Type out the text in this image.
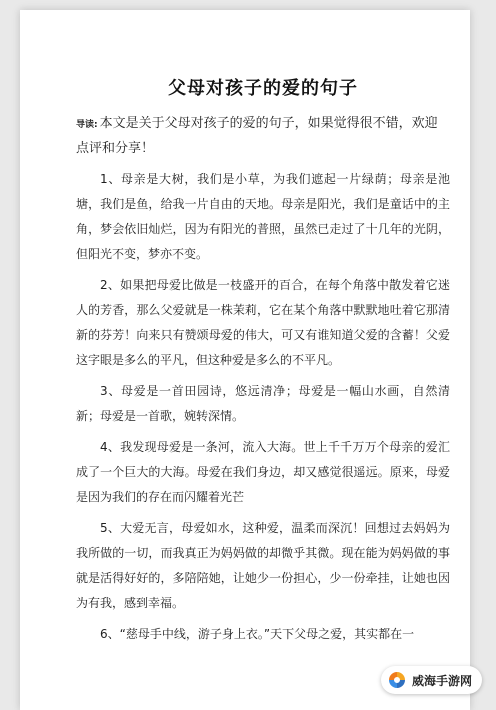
父母对孩子的爱的句子

导读: 本文是关于父母对孩子的爱的句子，如果觉得很不错，欢迎点评和分享！

1、母亲是大树，我们是小草，为我们遮起一片绿荫；母亲是池塘，我们是鱼，给我一片自由的天地。母亲是阳光，我们是童话中的主角，梦会依旧灿烂，因为有阳光的普照，虽然已走过了十几年的光阴，但阳光不变，梦亦不变。

2、如果把母爱比做是一枝盛开的百合，在每个角落中散发着它迷人的芳香，那么父爱就是一株茉莉，它在某个角落中默默地吐着它那清新的芬芳！向来只有赞颂母爱的伟大，可又有谁知道父爱的含蓄！父爱这字眼是多么的平凡，但这种爱是多么的不平凡。

3、母爱是一首田园诗，悠远清净；母爱是一幅山水画，自然清新；母爱是一首歌，婉转深情。

4、我发现母爱是一条河，流入大海。世上千千万万个母亲的爱汇成了一个巨大的大海。母爱在我们身边，却又感觉很遥远。原来，母爱是因为我们的存在而闪耀着光芒

5、大爱无言，母爱如水，这种爱，温柔而深沉！回想过去妈妈为我所做的一切，而我真正为妈妈做的却微乎其微。现在能为妈妈做的事就是活得好好的，多陪陪她，让她少一份担心，少一份牵挂，让她也因为有我，感到幸福。

6、“慈母手中线，游子身上衣。”天下父母之爱，其实都在一

威海手游网
